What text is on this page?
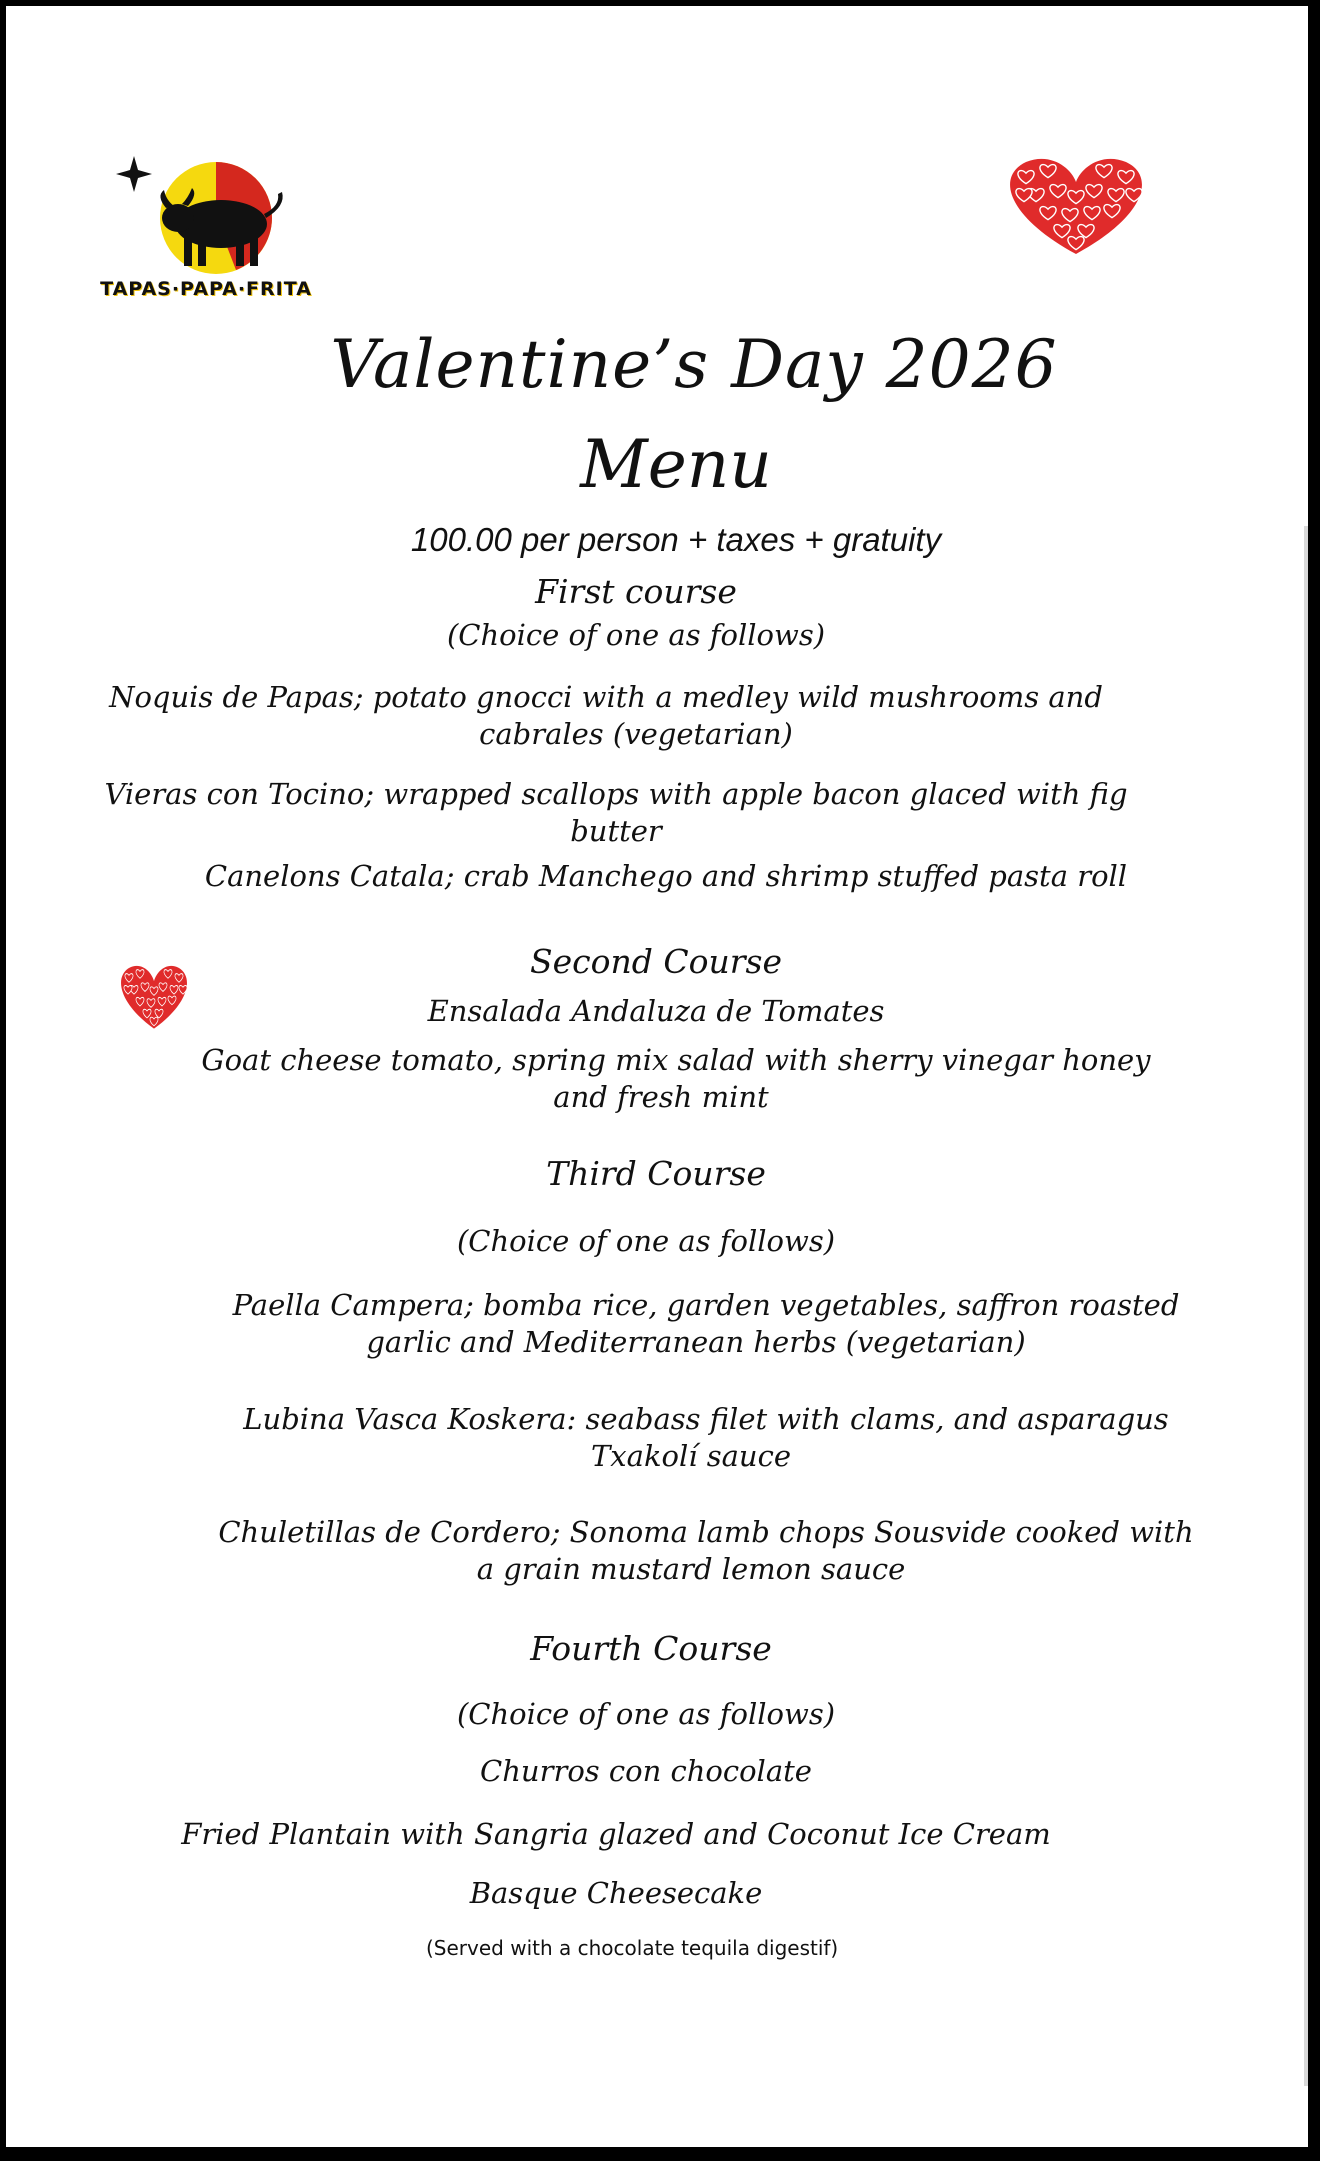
TAPAS·PAPA·FRITA
Valentine’s Day 2026
Menu
100.00 per person + taxes + gratuity
First course
(Choice of one as follows)
Noquis de Papas; potato gnocci with a medley wild mushrooms and
cabrales (vegetarian)
Vieras con Tocino; wrapped scallops with apple bacon glaced with fig
butter
Canelons Catala; crab Manchego and shrimp stuffed pasta roll
Second Course
Ensalada Andaluza de Tomates
Goat cheese tomato, spring mix salad with sherry vinegar honey
and fresh mint
Third Course
(Choice of one as follows)
Paella Campera; bomba rice, garden vegetables, saffron roasted
garlic and Mediterranean herbs (vegetarian)
Lubina Vasca Koskera: seabass filet with clams, and asparagus
Txakolí sauce
Chuletillas de Cordero; Sonoma lamb chops Sousvide cooked with
a grain mustard lemon sauce
Fourth Course
(Choice of one as follows)
Churros con chocolate
Fried Plantain with Sangria glazed and Coconut Ice Cream
Basque Cheesecake
(Served with a chocolate tequila digestif)
